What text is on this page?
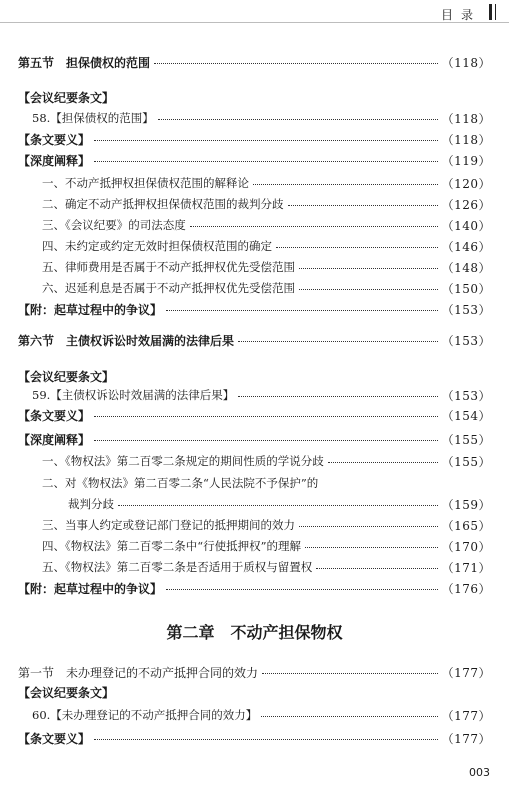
目录
第五节　担保债权的范围	（118）
【会议纪要条文】
58.【担保债权的范围】	（118）
【条文要义】	（118）
【深度阐释】	（119）
一、不动产抵押权担保债权范围的解释论	（120）
二、确定不动产抵押权担保债权范围的裁判分歧	（126）
三、《会议纪要》的司法态度	（140）
四、未约定或约定无效时担保债权范围的确定	（146）
五、律师费用是否属于不动产抵押权优先受偿范围	（148）
六、迟延利息是否属于不动产抵押权优先受偿范围	（150）
【附：起草过程中的争议】	（153）
第六节　主债权诉讼时效届满的法律后果	（153）
【会议纪要条文】
59.【主债权诉讼时效届满的法律后果】	（153）
【条文要义】	（154）
【深度阐释】	（155）
一、《物权法》第二百零二条规定的期间性质的学说分歧	（155）
二、对《物权法》第二百零二条“人民法院不予保护”的
裁判分歧	（159）
三、当事人约定或登记部门登记的抵押期间的效力	（165）
四、《物权法》第二百零二条中“行使抵押权”的理解	（170）
五、《物权法》第二百零二条是否适用于质权与留置权	（171）
【附：起草过程中的争议】	（176）
第一节　未办理登记的不动产抵押合同的效力	（177）
【会议纪要条文】
60.【未办理登记的不动产抵押合同的效力】	（177）
【条文要义】	（177）
第二章 不动产担保物权
003
